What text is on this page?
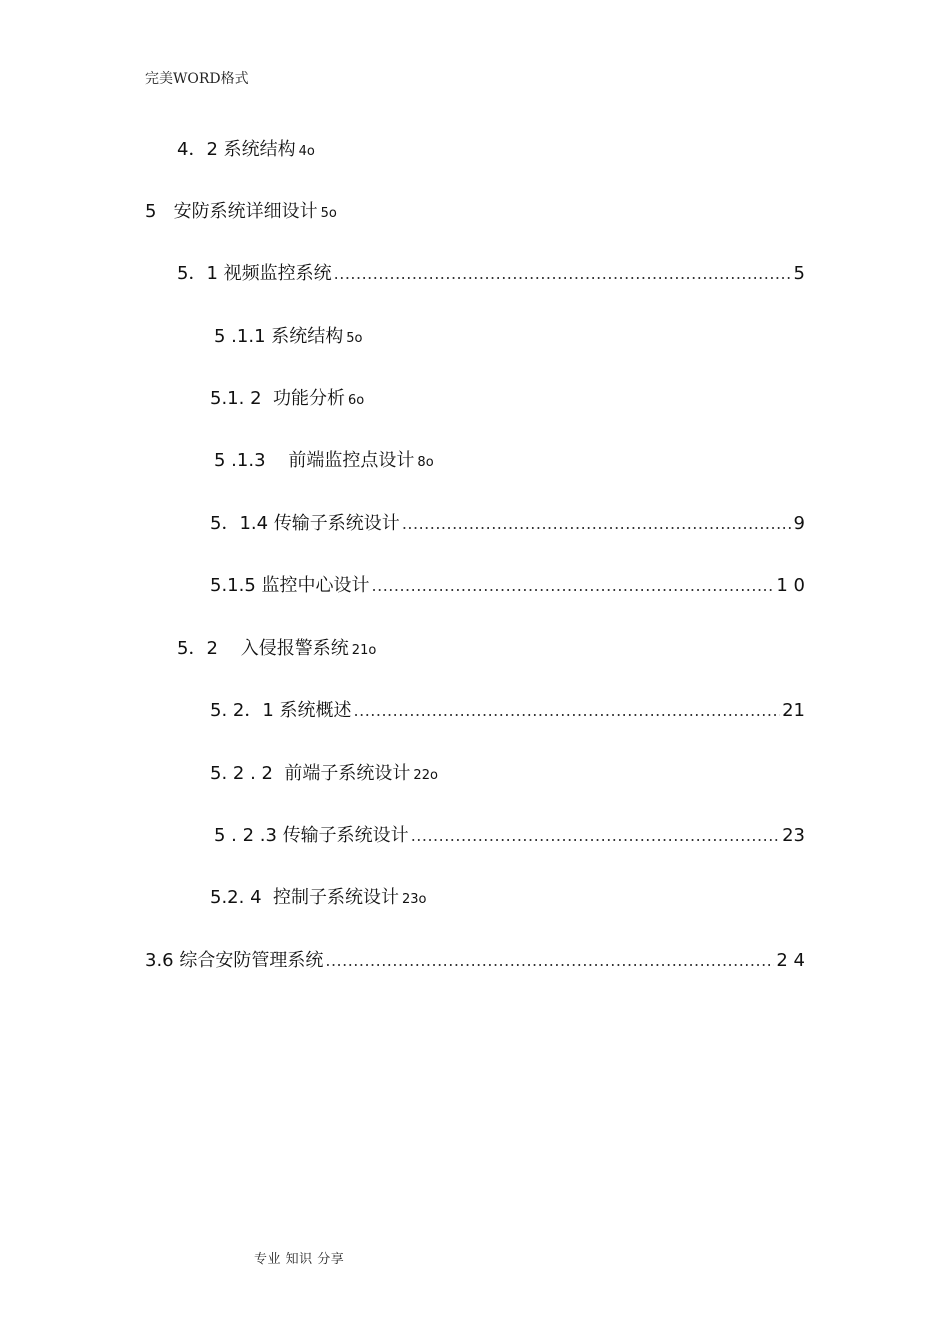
完美WORD格式
4．2 系统结构 4o
5 安防系统详细设计 5o
5．1 视频监控系统 .....	5
5 .1.1 系统结构 5o
5.1. 2 功能分析 6o
5 .1.3 前端监控点设计 8o
5．1.4 传输子系统设计 .....	9
5.1.5 监控中心设计 .....	1 0
5．2 入侵报警系统 21o
5. 2．1 系统概述 .....	21
5. 2 . 2 前端子系统设计 22o
5 . 2 .3 传输子系统设计 .....	23
5.2. 4 控制子系统设计 23o
3.6 综合安防管理系统 .....	2 4
专业 知识 分享
